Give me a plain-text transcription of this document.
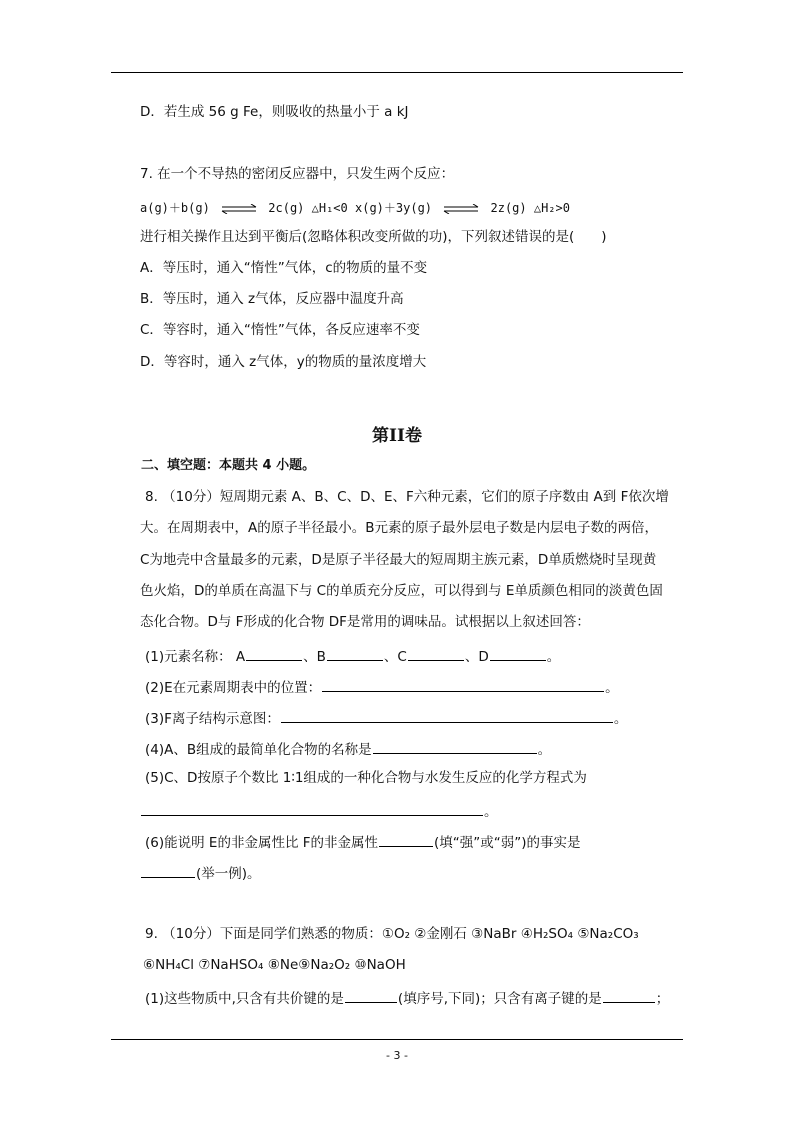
D．若生成 56 g Fe，则吸收的热量小于 a kJ
7. 在一个不导热的密闭反应器中，只发生两个反应：
a(g)＋b(g) ⇌ 2c(g) △H₁<0 x(g)＋3y(g) ⇌ 2z(g) △H₂>0
进行相关操作且达到平衡后(忽略体积改变所做的功)，下列叙述错误的是(　　)
A．等压时，通入“惰性”气体，c的物质的量不变
B．等压时，通入 z气体，反应器中温度升高
C．等容时，通入“惰性”气体，各反应速率不变
D．等容时，通入 z气体，y的物质的量浓度增大
第II卷
二、填空题：本题共 4 小题。
8. （10分）短周期元素 A、B、C、D、E、F六种元素，它们的原子序数由 A到 F依次增
大。在周期表中，A的原子半径最小。B元素的原子最外层电子数是内层电子数的两倍，
C为地壳中含量最多的元素，D是原子半径最大的短周期主族元素，D单质燃烧时呈现黄
色火焰，D的单质在高温下与 C的单质充分反应，可以得到与 E单质颜色相同的淡黄色固
态化合物。D与 F形成的化合物 DF是常用的调味品。试根据以上叙述回答：
(1)元素名称： A	、B	、C	、D	。
(2)E在元素周期表中的位置：	。
(3)F离子结构示意图：	。
(4)A、B组成的最简单化合物的名称是	。
(5)C、D按原子个数比 1∶1组成的一种化合物与水发生反应的化学方程式为
。
(6)能说明 E的非金属性比 F的非金属性	(填“强”或“弱”)的事实是
(举一例)。
9. （10分）下面是同学们熟悉的物质：①O₂ ②金刚石 ③NaBr ④H₂SO₄ ⑤Na₂CO₃
⑥NH₄Cl ⑦NaHSO₄ ⑧Ne⑨Na₂O₂ ⑩NaOH
(1)这些物质中,只含有共价键的是	(填序号,下同)；只含有离子键的是	；
- 3 -
